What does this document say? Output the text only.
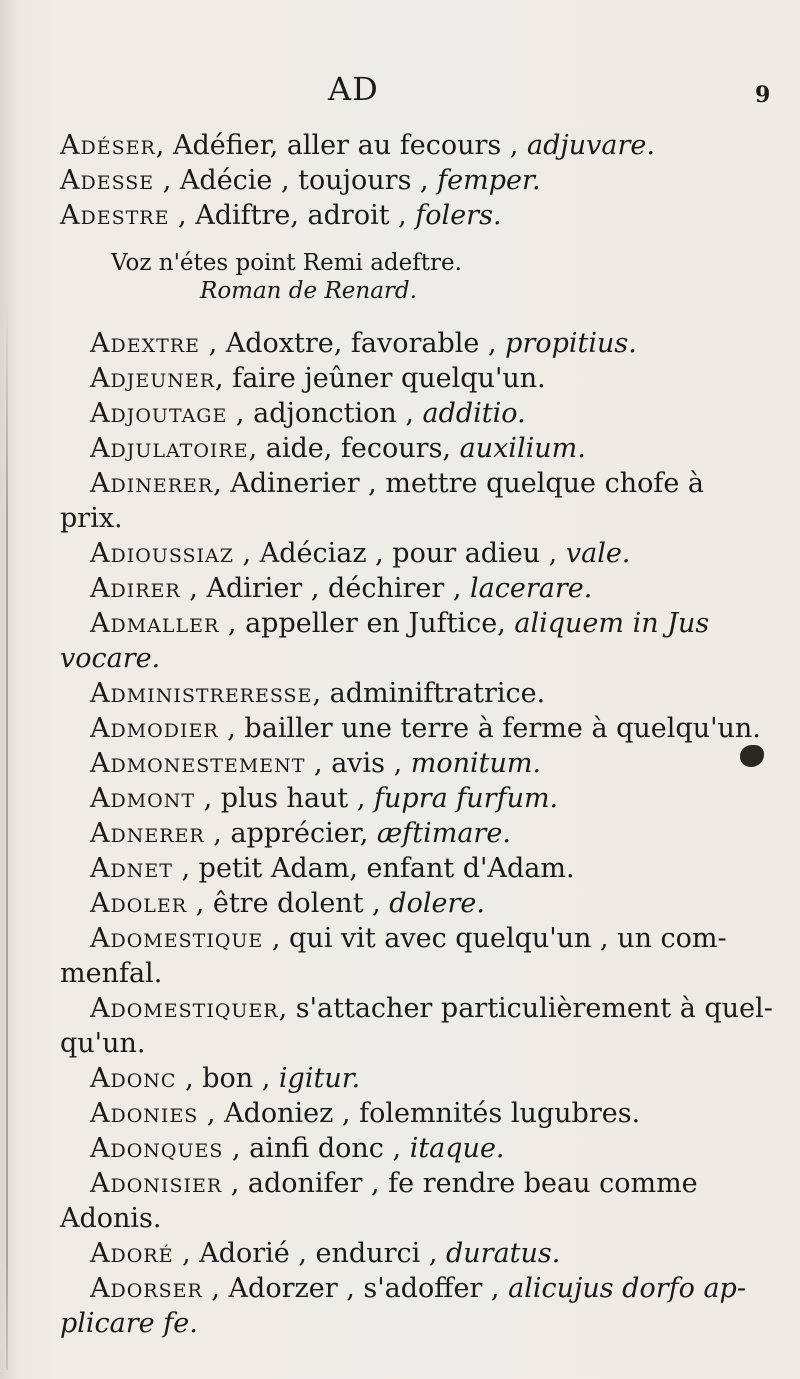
AD	9
Adéser, Adéfier, aller au fecours , adjuvare.
Adesse , Adécie , toujours , femper.
Adestre , Adiftre, adroit , folers.
Voz n'étes point Remi adeftre.
Roman de Renard.
Adextre , Adoxtre, favorable , propitius.
Adjeuner, faire jeûner quelqu'un.
Adjoutage , adjonction , additio.
Adjulatoire, aide, fecours, auxilium.
Adinerer, Adinerier , mettre quelque chofe à
prix.
Adioussiaz , Adéciaz , pour adieu , vale.
Adirer , Adirier , déchirer , lacerare.
Admaller , appeller en Juftice, aliquem in Jus
vocare.
Administreresse, adminiftratrice.
Admodier , bailler une terre à ferme à quelqu'un.
Admonestement , avis , monitum.
Admont , plus haut , fupra furfum.
Adnerer , apprécier, æftimare.
Adnet , petit Adam, enfant d'Adam.
Adoler , être dolent , dolere.
Adomestique , qui vit avec quelqu'un , un com-
menfal.
Adomestiquer, s'attacher particulièrement à quel-
qu'un.
Adonc , bon , igitur.
Adonies , Adoniez , folemnités lugubres.
Adonques , ainfi donc , itaque.
Adonisier , adonifer , fe rendre beau comme
Adonis.
Adoré , Adorié , endurci , duratus.
Adorser , Adorzer , s'adoffer , alicujus dorfo ap-
plicare fe.
